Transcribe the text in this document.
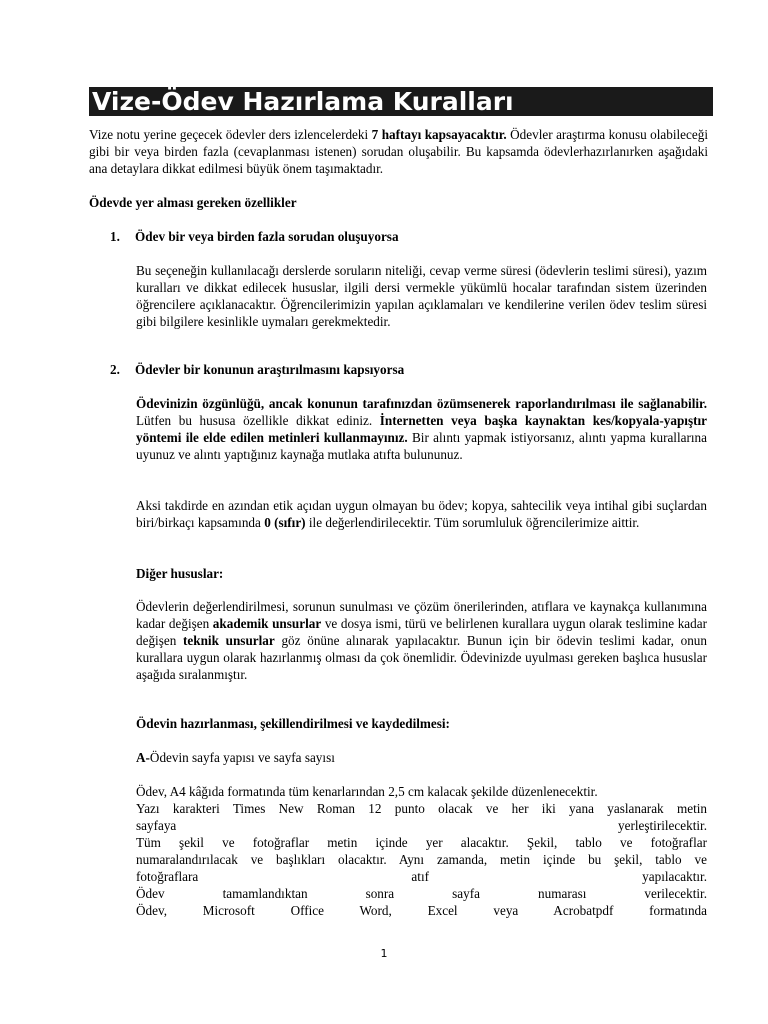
Vize-Ödev Hazırlama Kuralları
Vize notu yerine geçecek ödevler ders izlencelerdeki 7 haftayı kapsayacaktır. Ödevler araştırma konusu olabileceği gibi bir veya birden fazla (cevaplanması istenen) sorudan oluşabilir. Bu kapsamda ödevlerhazırlanırken aşağıdaki ana detaylara dikkat edilmesi büyük önem taşımaktadır.
Ödevde yer alması gereken özellikler
1. Ödev bir veya birden fazla sorudan oluşuyorsa
Bu seçeneğin kullanılacağı derslerde soruların niteliği, cevap verme süresi (ödevlerin teslimi süresi), yazım kuralları ve dikkat edilecek hususlar, ilgili dersi vermekle yükümlü hocalar tarafından sistem üzerinden öğrencilere açıklanacaktır. Öğrencilerimizin yapılan açıklamaları ve kendilerine verilen ödev teslim süresi gibi bilgilere kesinlikle uymaları gerekmektedir.
2. Ödevler bir konunun araştırılmasını kapsıyorsa
Ödevinizin özgünlüğü, ancak konunun tarafınızdan özümsenerek raporlandırılması ile sağlanabilir. Lütfen bu hususa özellikle dikkat ediniz. İnternetten veya başka kaynaktan kes/kopyala-yapıştır yöntemi ile elde edilen metinleri kullanmayınız. Bir alıntı yapmak istiyorsanız, alıntı yapma kurallarına uyunuz ve alıntı yaptığınız kaynağa mutlaka atıfta bulununuz.
Aksi takdirde en azından etik açıdan uygun olmayan bu ödev; kopya, sahtecilik veya intihal gibi suçlardan biri/birkaçı kapsamında 0 (sıfır) ile değerlendirilecektir. Tüm sorumluluk öğrencilerimize aittir.
Diğer hususlar:
Ödevlerin değerlendirilmesi, sorunun sunulması ve çözüm önerilerinden, atıflara ve kaynakça kullanımına kadar değişen akademik unsurlar ve dosya ismi, türü ve belirlenen kurallara uygun olarak teslimine kadar değişen teknik unsurlar göz önüne alınarak yapılacaktır. Bunun için bir ödevin teslimi kadar, onun kurallara uygun olarak hazırlanmış olması da çok önemlidir. Ödevinizde uyulması gereken başlıca hususlar aşağıda sıralanmıştır.
Ödevin hazırlanması, şekillendirilmesi ve kaydedilmesi:
A-Ödevin sayfa yapısı ve sayfa sayısı
Ödev, A4 kâğıda formatında tüm kenarlarından 2,5 cm kalacak şekilde düzenlenecektir.
Yazı karakteri Times New Roman 12 punto olacak ve her iki yana yaslanarak metin
sayfaya yerleştirilecektir.
Tüm şekil ve fotoğraflar metin içinde yer alacaktır. Şekil, tablo ve fotoğraflar
numaralandırılacak ve başlıkları olacaktır. Aynı zamanda, metin içinde bu şekil, tablo ve
fotoğraflara atıf yapılacaktır.
Ödev tamamlandıktan sonra sayfa numarası verilecektir.
Ödev, Microsoft Office Word, Excel veya Acrobatpdf formatında
1
